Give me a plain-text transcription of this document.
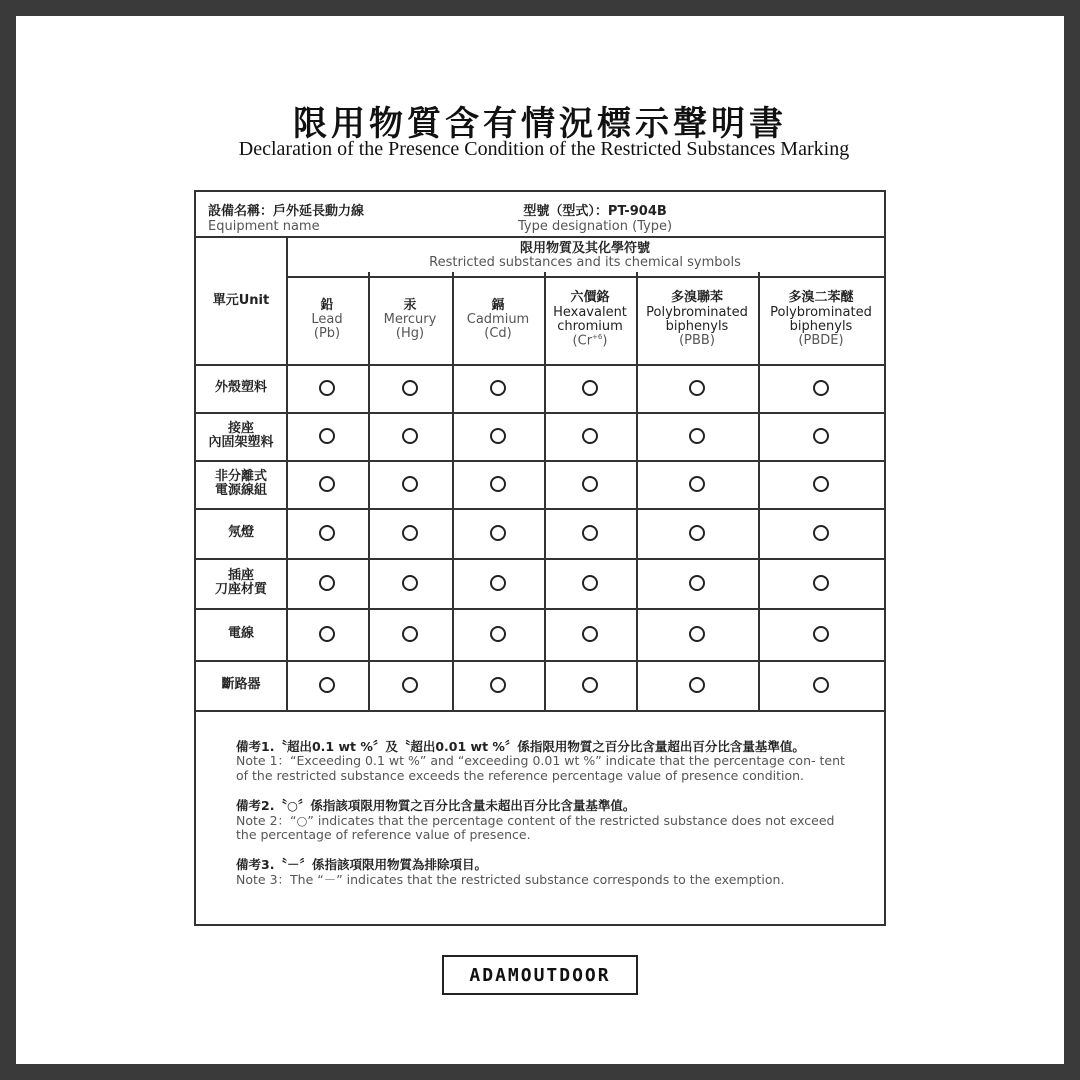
限用物質含有情況標示聲明書
Declaration of the Presence Condition of the Restricted Substances Marking
設備名稱：戶外延長動力線
Equipment name
型號（型式）：PT-904B
Type designation (Type)
限用物質及其化學符號
Restricted substances and its chemical symbols
單元Unit	鉛
Lead
(Pb)
汞
Mercury
(Hg)
鎘
Cadmium
(Cd)
六價鉻
Hexavalent chromium
$(Cr^{+6})$
多溴聯苯
Polybrominated biphenyls
(PBB)
多溴二苯醚
Polybrominated biphenyls
(PBDE)
外殼塑料
接座
內固架塑料
非分離式
電源線組
氖燈
插座
刀座材質
電線
斷路器
備考1.〝超出0.1 wt %〞及〝超出0.01 wt %〞係指限用物質之百分比含量超出百分比含量基準值。
Note 1：“Exceeding 0.1 wt %” and “exceeding 0.01 wt %” indicate that the percentage con- tent of the restricted substance exceeds the reference percentage value of presence condition.
備考2.〝○〞係指該項限用物質之百分比含量未超出百分比含量基準值。
Note 2：“○” indicates that the percentage content of the restricted substance does not exceed the percentage of reference value of presence.
備考3.〝－〞係指該項限用物質為排除項目。
Note 3：The “－” indicates that the restricted substance corresponds to the exemption.
ADAMOUTDOOR
